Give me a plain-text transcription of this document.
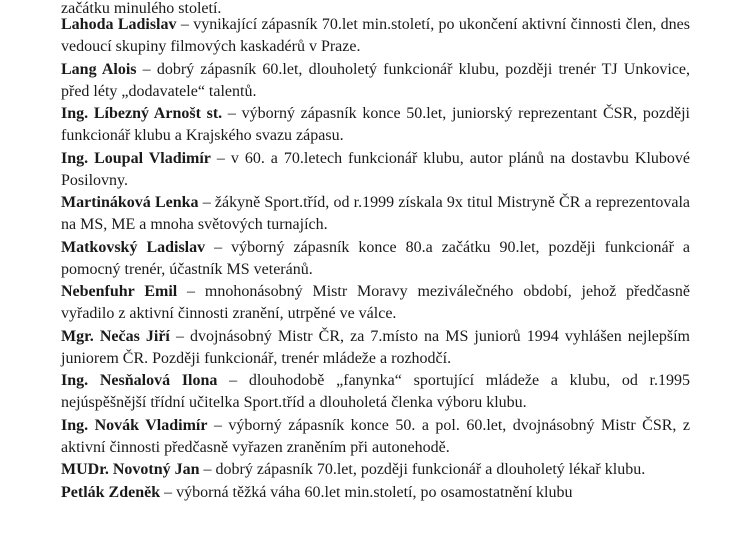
začátku minulého století.

Lahoda Ladislav – vynikající zápasník 70.let min.století, po ukončení aktivní činnosti člen, dnes vedoucí skupiny filmových kaskadérů v Praze.

Lang Alois – dobrý zápasník 60.let, dlouholetý funkcionář klubu, později trenér TJ Unkovice, před léty „dodavatele“ talentů.

Ing. Líbezný Arnošt st. – výborný zápasník konce 50.let, juniorský reprezentant ČSR, později funkcionář klubu a Krajského svazu zápasu.

Ing. Loupal Vladimír – v 60. a 70.letech funkcionář klubu, autor plánů na dostavbu Klubové Posilovny.

Martináková Lenka – žákyně Sport.tříd, od r.1999 získala 9x titul Mistryně ČR a reprezentovala na MS, ME a mnoha světových turnajích.

Matkovský Ladislav – výborný zápasník konce 80.a začátku 90.let, později funkcionář a pomocný trenér, účastník MS veteránů.

Nebenfuhr Emil – mnohonásobný Mistr Moravy meziválečného období, jehož předčasně vyřadilo z aktivní činnosti zranění, utrpěné ve válce.

Mgr. Nečas Jiří – dvojnásobný Mistr ČR, za 7.místo na MS juniorů 1994 vyhlášen nejlepším juniorem ČR. Později funkcionář, trenér mládeže a rozhodčí.

Ing. Nesňalová Ilona – dlouhodobě „fanynka“ sportující mládeže a klubu, od r.1995 nejúspěšnější třídní učitelka Sport.tříd a dlouholetá členka výboru klubu.

Ing. Novák Vladimír – výborný zápasník konce 50. a pol. 60.let, dvojnásobný Mistr ČSR, z aktivní činnosti předčasně vyřazen zraněním při autonehodě.

MUDr. Novotný Jan – dobrý zápasník 70.let, později funkcionář a dlouholetý lékař klubu.

Petlák Zdeněk – výborná těžká váha 60.let min.století, po osamostatnění klubu
